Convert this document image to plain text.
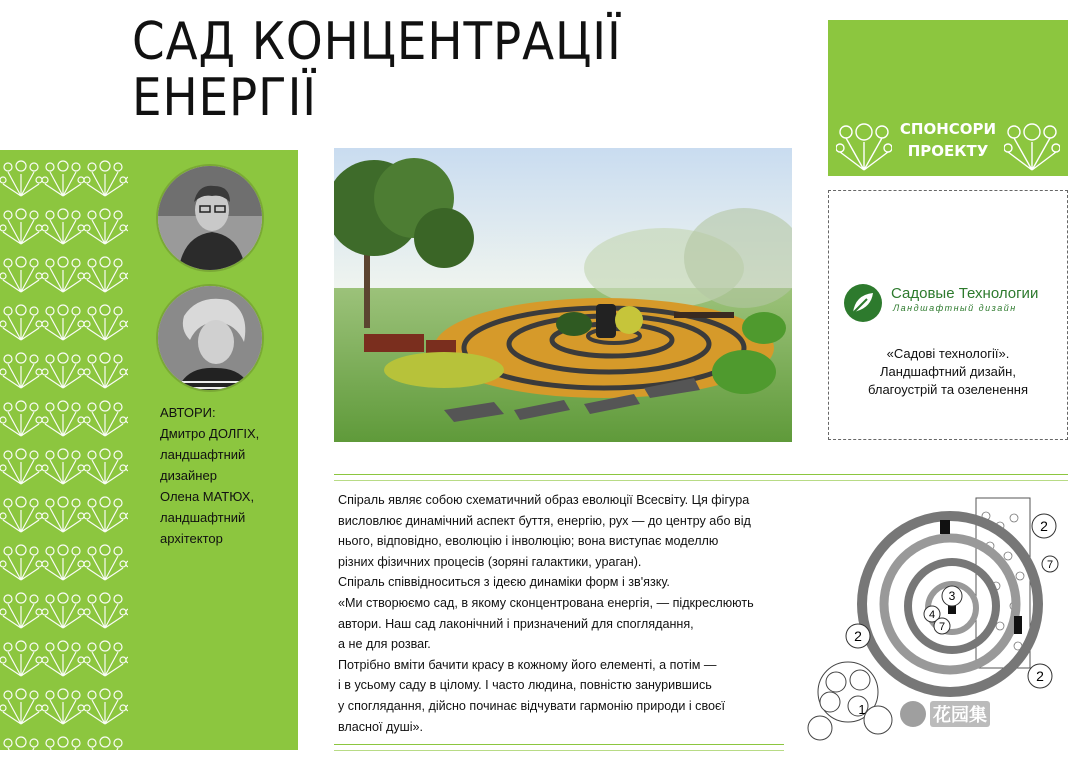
САД КОНЦЕНТРАЦІЇ
ЕНЕРГІЇ
СПОНСОРИ
ПРОЕКТУ
Садовые Технологии
Ландшафтный дизайн
«Садові технології».
Ландшафтний дизайн,
благоустрій та озеленення
АВТОРИ:
Дмитро ДОЛГІХ,
ландшафтний
дизайнер
Олена МАТЮХ,
ландшафтний
архітектор
Спіраль являє собою схематичний образ еволюції Всесвіту. Ця фігура
висловлює динамічний аспект буття, енергію, рух — до центру або від
нього, відповідно, еволюцію і інволюцію; вона виступає моделлю
різних фізичних процесів (зоряні галактики, ураган).
Спіраль співвідноситься з ідеєю динаміки форм і зв'язку.
«Ми створюємо сад, в якому сконцентрована енергія, — підкреслюють
автори. Наш сад лаконічний і призначений для споглядання,
а не для розваг.
Потрібно вміти бачити красу в кожному його елементі, а потім —
і в усьому саду в цілому. І часто людина, повністю занурившись
у споглядання, дійсно починає відчувати гармонію природи і своєї
власної душі».
2
7
3
4
7
2
2
1	花园集
